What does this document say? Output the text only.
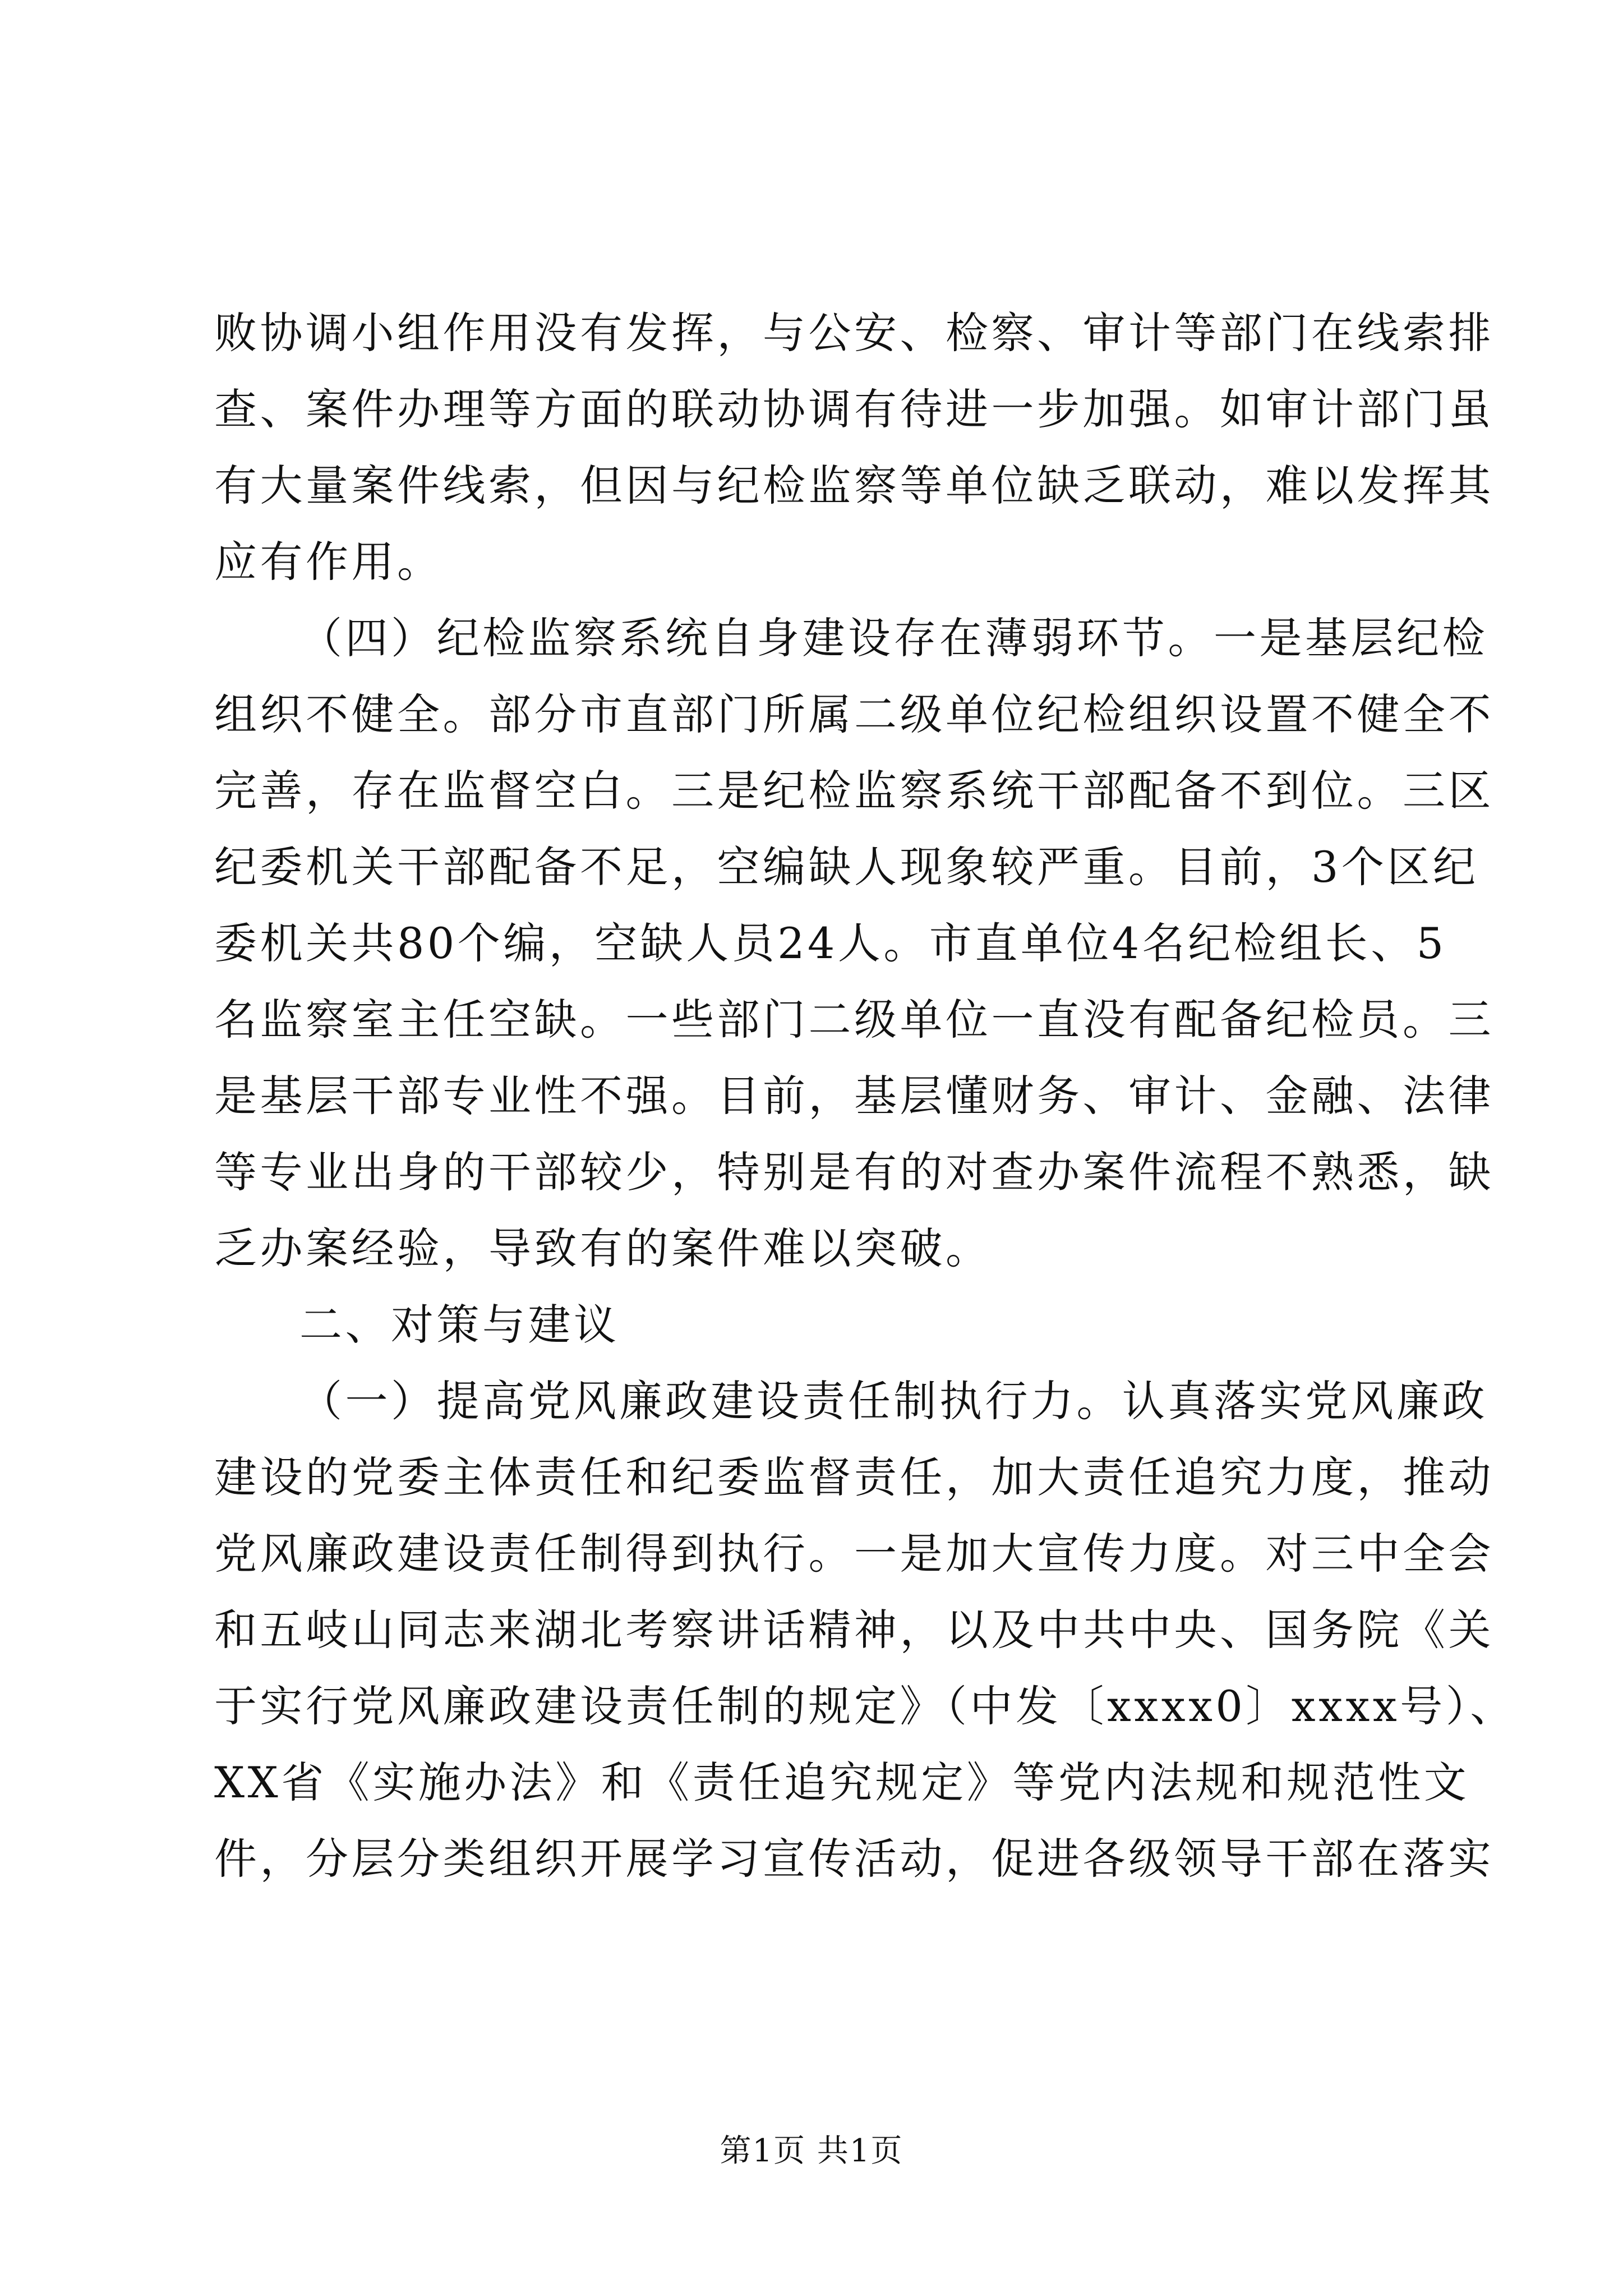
败协调小组作用没有发挥，与公安、检察、审计等部门在线索排
查、案件办理等方面的联动协调有待进一步加强。如审计部门虽
有大量案件线索，但因与纪检监察等单位缺乏联动，难以发挥其
应有作用。
（四）纪检监察系统自身建设存在薄弱环节。一是基层纪检
组织不健全。部分市直部门所属二级单位纪检组织设置不健全不
完善，存在监督空白。三是纪检监察系统干部配备不到位。三区
纪委机关干部配备不足，空编缺人现象较严重。目前，3个区纪
委机关共80个编，空缺人员24人。市直单位4名纪检组长、5
名监察室主任空缺。一些部门二级单位一直没有配备纪检员。三
是基层干部专业性不强。目前，基层懂财务、审计、金融、法律
等专业出身的干部较少，特别是有的对查办案件流程不熟悉，缺
乏办案经验，导致有的案件难以突破。
二、对策与建议
（一）提高党风廉政建设责任制执行力。认真落实党风廉政
建设的党委主体责任和纪委监督责任，加大责任追究力度，推动
党风廉政建设责任制得到执行。一是加大宣传力度。对三中全会
和五岐山同志来湖北考察讲话精神，以及中共中央、国务院《关
于实行党风廉政建设责任制的规定》（中发〔xxxx0〕xxxx号）、
XX省《实施办法》和《责任追究规定》等党内法规和规范性文
件，分层分类组织开展学习宣传活动，促进各级领导干部在落实
第1页 共1页
